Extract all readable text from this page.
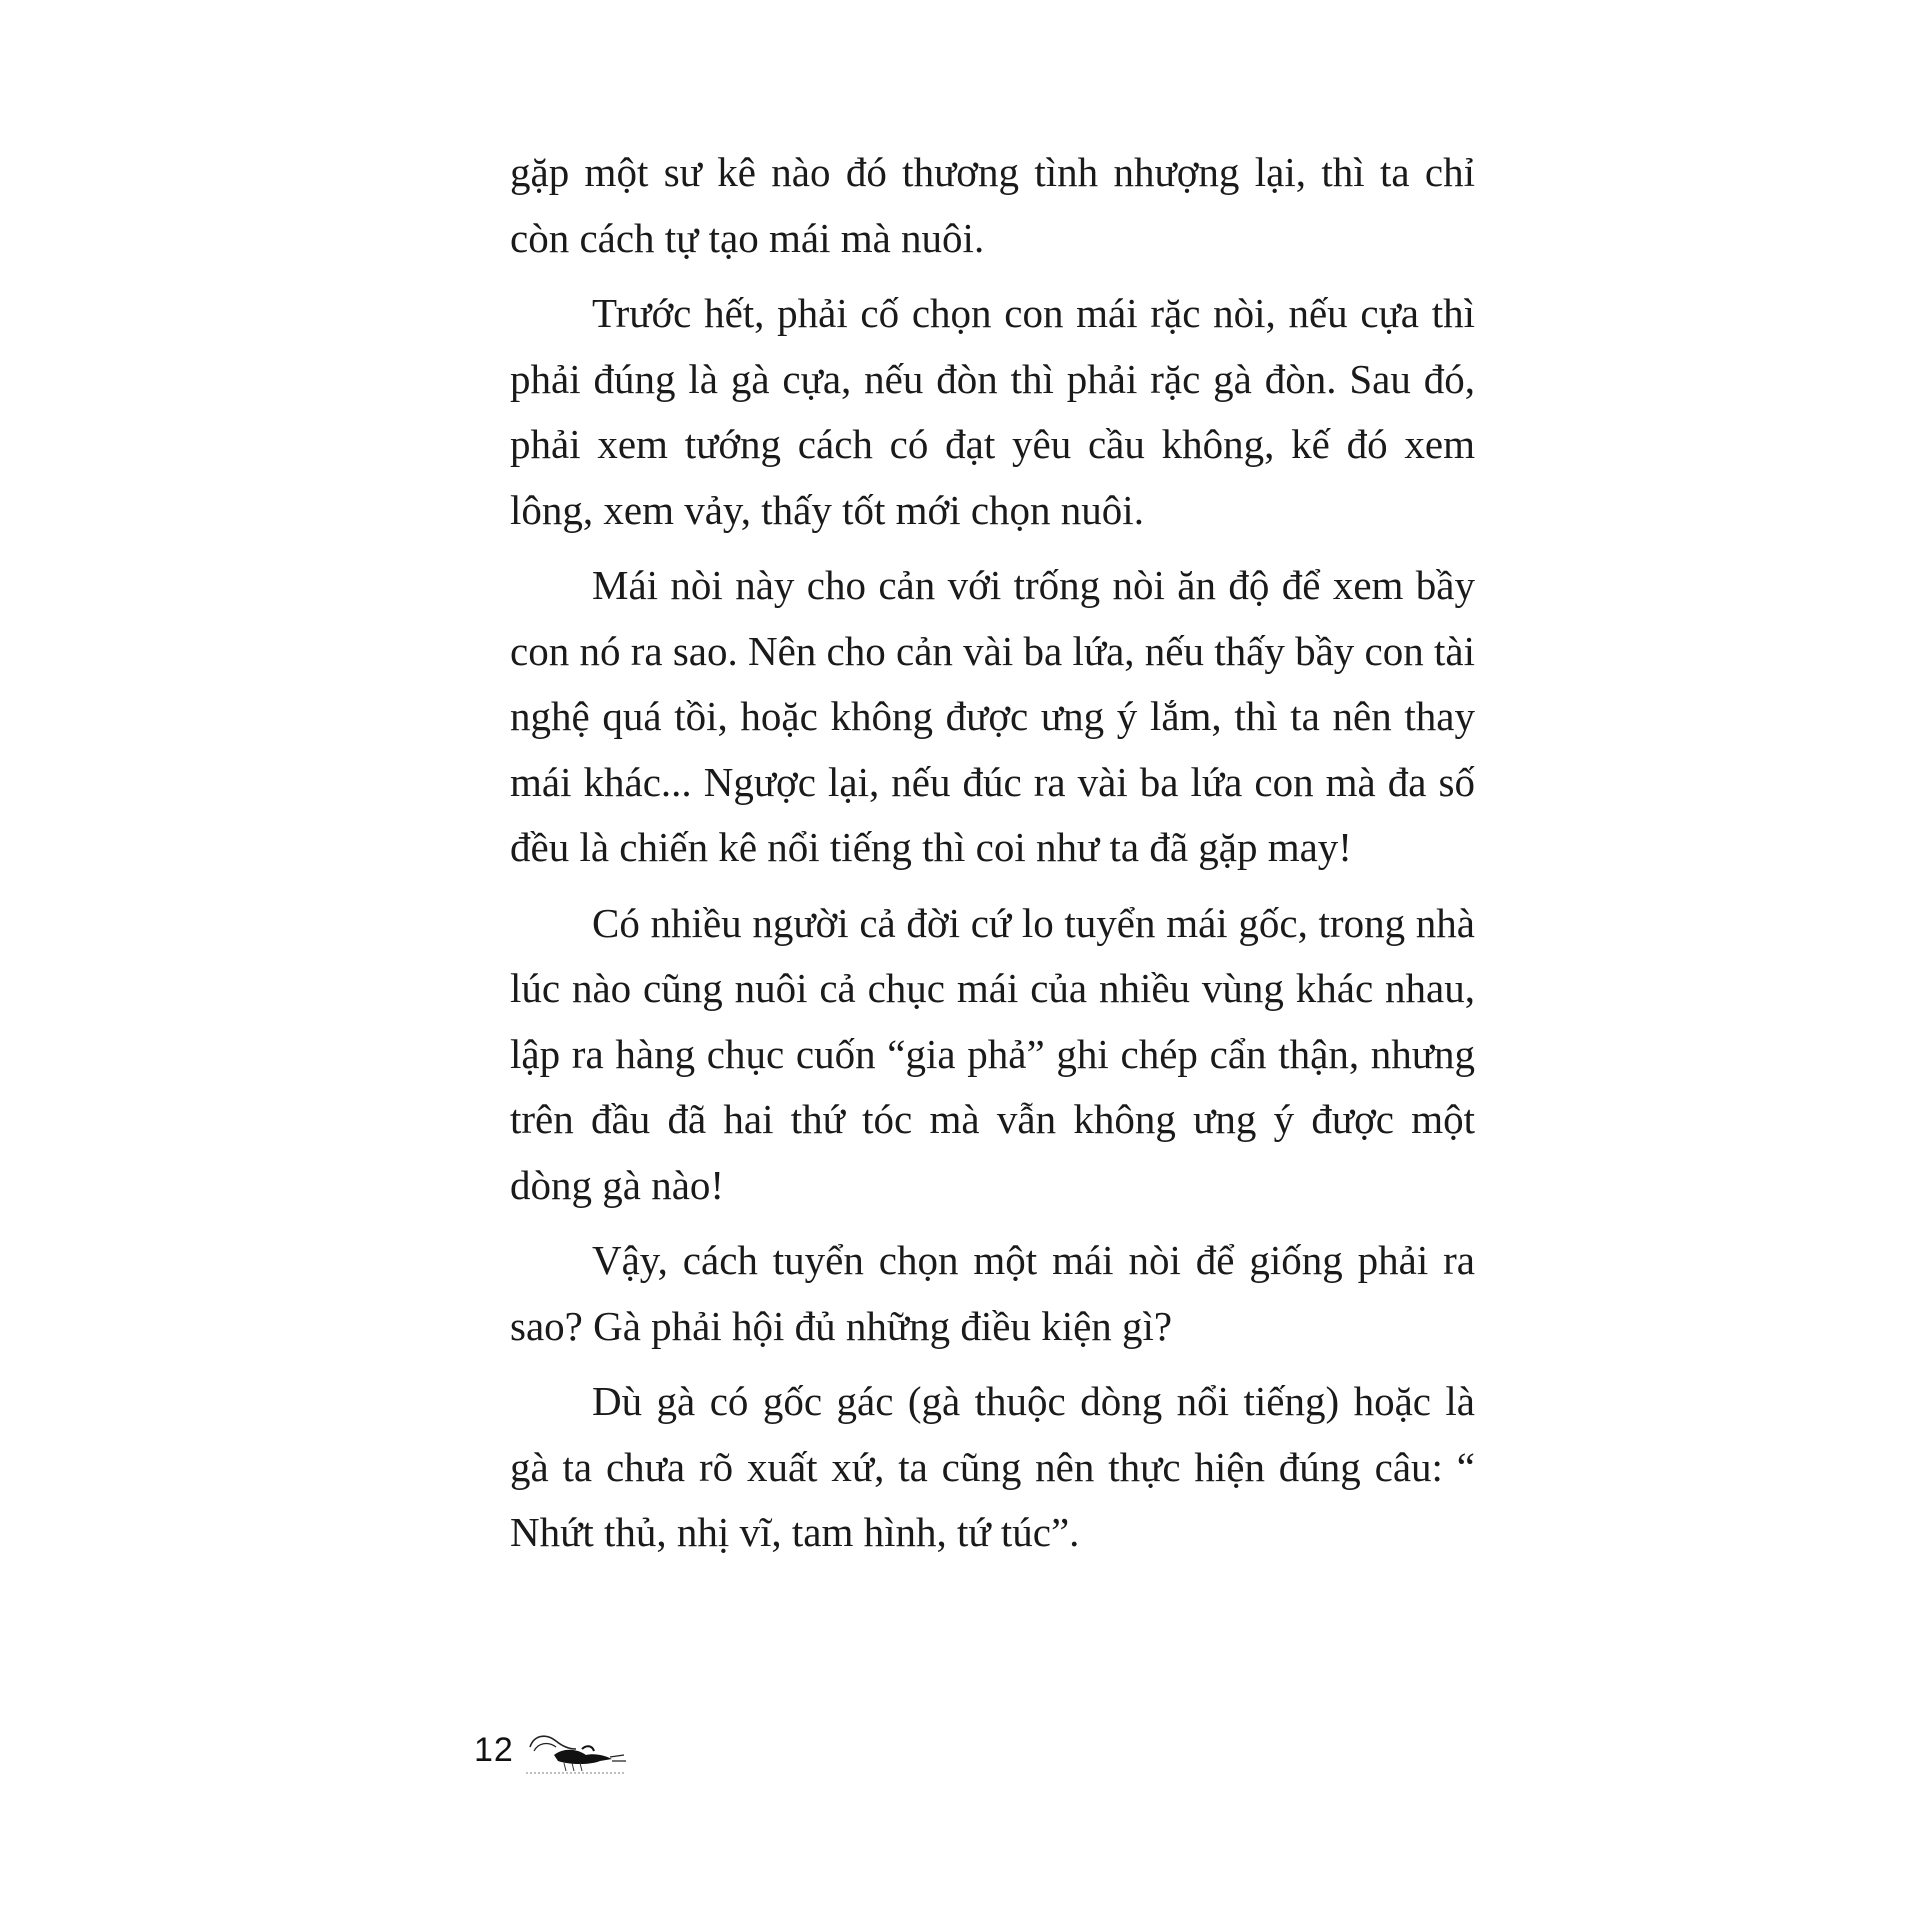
gặp một sư kê nào đó thương tình nhượng lại, thì ta chỉ còn cách tự tạo mái mà nuôi.

Trước hết, phải cố chọn con mái rặc nòi, nếu cựa thì phải đúng là gà cựa, nếu đòn thì phải rặc gà đòn. Sau đó, phải xem tướng cách có đạt yêu cầu không, kế đó xem lông, xem vảy, thấy tốt mới chọn nuôi.

Mái nòi này cho cản với trống nòi ăn độ để xem bầy con nó ra sao. Nên cho cản vài ba lứa, nếu thấy bầy con tài nghệ quá tồi, hoặc không được ưng ý lắm, thì ta nên thay mái khác... Ngược lại, nếu đúc ra vài ba lứa con mà đa số đều là chiến kê nổi tiếng thì coi như ta đã gặp may!

Có nhiều người cả đời cứ lo tuyển mái gốc, trong nhà lúc nào cũng nuôi cả chục mái của nhiều vùng khác nhau, lập ra hàng chục cuốn “gia phả” ghi chép cẩn thận, nhưng trên đầu đã hai thứ tóc mà vẫn không ưng ý được một dòng gà nào!

Vậy, cách tuyển chọn một mái nòi để giống phải ra sao? Gà phải hội đủ những điều kiện gì?

Dù gà có gốc gác (gà thuộc dòng nổi tiếng) hoặc là gà ta chưa rõ xuất xứ, ta cũng nên thực hiện đúng câu: “ Nhứt thủ, nhị vĩ, tam hình, tứ túc”.

12
